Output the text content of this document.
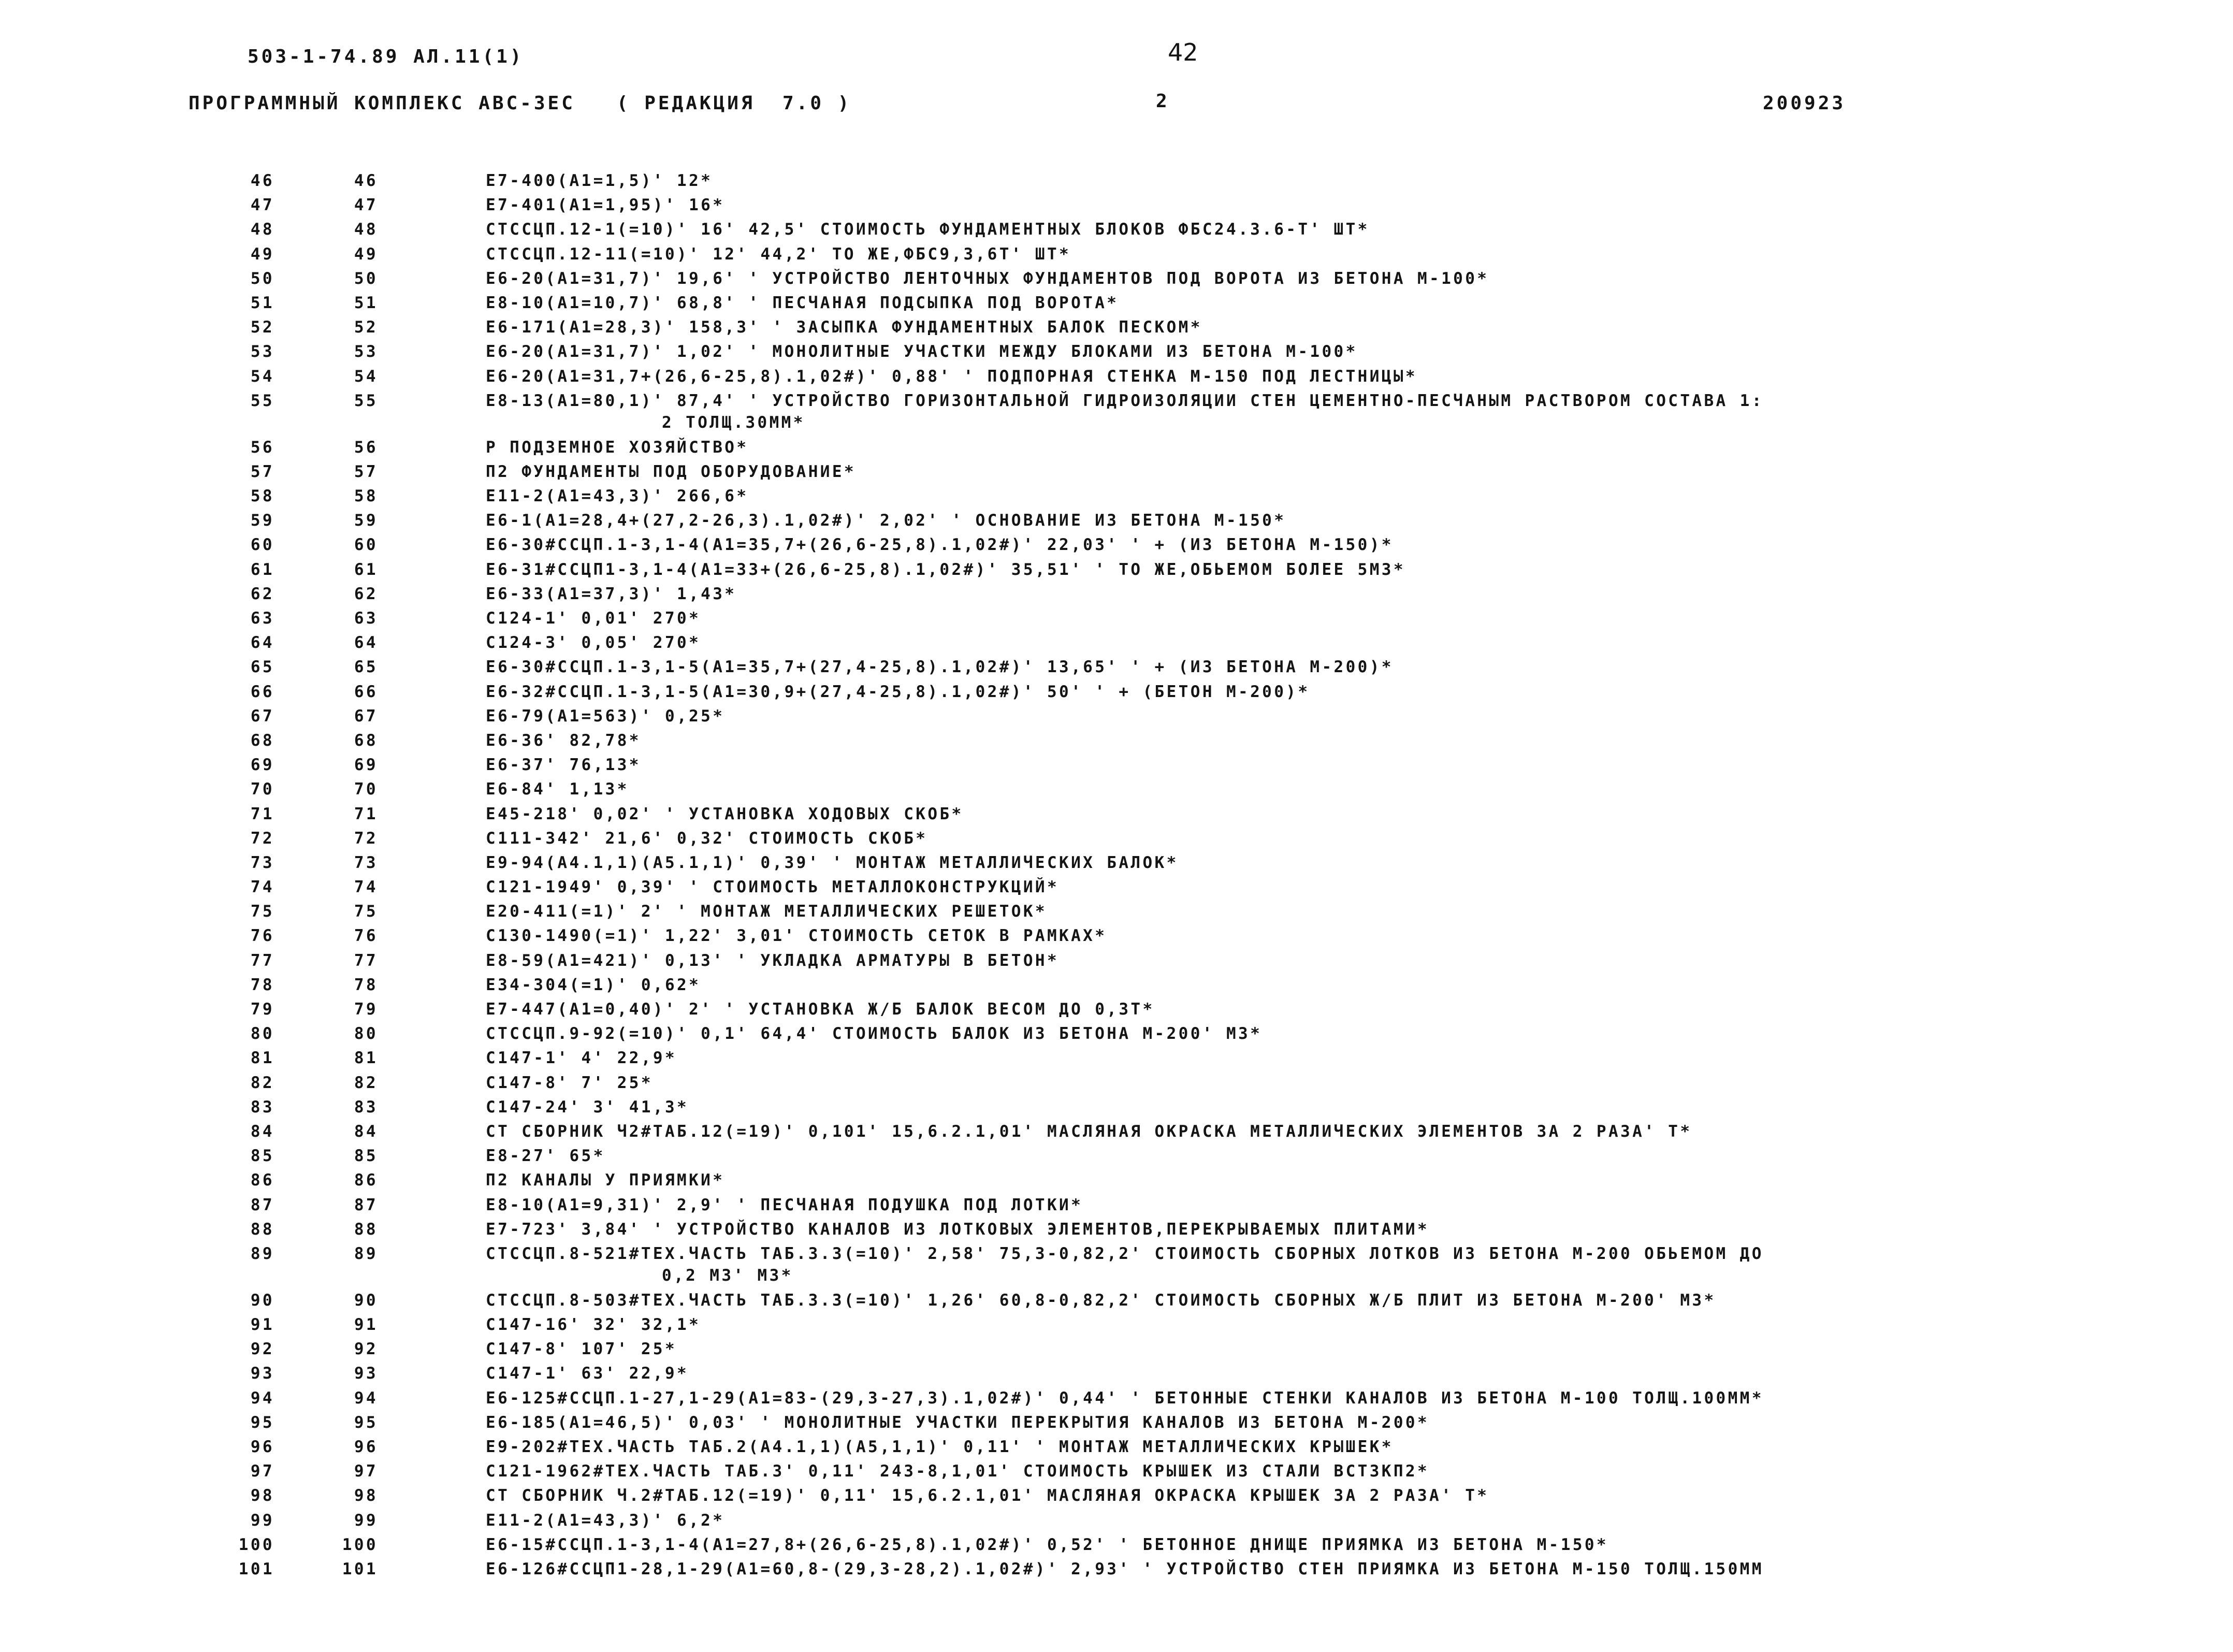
503-1-74.89 АЛ.11(1)	42
ПРОГРАММНЫЙ КОМПЛЕКС АВС-ЗЕС   ( РЕДАКЦИЯ  7.0 )	2	200923
46	46	Е7-400(А1=1,5)' 12*
47	47	Е7-401(А1=1,95)' 16*
48	48	СТССЦП.12-1(=10)' 16' 42,5' СТОИМОСТЬ ФУНДАМЕНТНЫХ БЛОКОВ ФБС24.3.6-Т' ШТ*
49	49	СТССЦП.12-11(=10)' 12' 44,2' ТО ЖЕ,ФБС9,3,6Т' ШТ*
50	50	Е6-20(А1=31,7)' 19,6' ' УСТРОЙСТВО ЛЕНТОЧНЫХ ФУНДАМЕНТОВ ПОД ВОРОТА ИЗ БЕТОНА М-100*
51	51	Е8-10(А1=10,7)' 68,8' ' ПЕСЧАНАЯ ПОДСЫПКА ПОД ВОРОТА*
52	52	Е6-171(А1=28,3)' 158,3' ' ЗАСЫПКА ФУНДАМЕНТНЫХ БАЛОК ПЕСКОМ*
53	53	Е6-20(А1=31,7)' 1,02' ' МОНОЛИТНЫЕ УЧАСТКИ МЕЖДУ БЛОКАМИ ИЗ БЕТОНА М-100*
54	54	Е6-20(А1=31,7+(26,6-25,8).1,02#)' 0,88' ' ПОДПОРНАЯ СТЕНКА М-150 ПОД ЛЕСТНИЦЫ*
55	55	Е8-13(А1=80,1)' 87,4' ' УСТРОЙСТВО ГОРИЗОНТАЛЬНОЙ ГИДРОИЗОЛЯЦИИ СТЕН ЦЕМЕНТНО-ПЕСЧАНЫМ РАСТВОРОМ СОСТАВА 1:
2 ТОЛЩ.30ММ*
56	56	Р ПОДЗЕМНОЕ ХОЗЯЙСТВО*
57	57	П2 ФУНДАМЕНТЫ ПОД ОБОРУДОВАНИЕ*
58	58	Е11-2(А1=43,3)' 266,6*
59	59	Е6-1(А1=28,4+(27,2-26,3).1,02#)' 2,02' ' ОСНОВАНИЕ ИЗ БЕТОНА М-150*
60	60	Е6-30#ССЦП.1-3,1-4(А1=35,7+(26,6-25,8).1,02#)' 22,03' ' + (ИЗ БЕТОНА М-150)*
61	61	Е6-31#ССЦП1-3,1-4(А1=33+(26,6-25,8).1,02#)' 35,51' ' ТО ЖЕ,ОБЬЕМОМ БОЛЕЕ 5М3*
62	62	Е6-33(А1=37,3)' 1,43*
63	63	С124-1' 0,01' 270*
64	64	С124-3' 0,05' 270*
65	65	Е6-30#ССЦП.1-3,1-5(А1=35,7+(27,4-25,8).1,02#)' 13,65' ' + (ИЗ БЕТОНА М-200)*
66	66	Е6-32#ССЦП.1-3,1-5(А1=30,9+(27,4-25,8).1,02#)' 50' ' + (БЕТОН М-200)*
67	67	Е6-79(А1=563)' 0,25*
68	68	Е6-36' 82,78*
69	69	Е6-37' 76,13*
70	70	Е6-84' 1,13*
71	71	Е45-218' 0,02' ' УСТАНОВКА ХОДОВЫХ СКОБ*
72	72	С111-342' 21,6' 0,32' СТОИМОСТЬ СКОБ*
73	73	Е9-94(А4.1,1)(А5.1,1)' 0,39' ' МОНТАЖ МЕТАЛЛИЧЕСКИХ БАЛОК*
74	74	С121-1949' 0,39' ' СТОИМОСТЬ МЕТАЛЛОКОНСТРУКЦИЙ*
75	75	Е20-411(=1)' 2' ' МОНТАЖ МЕТАЛЛИЧЕСКИХ РЕШЕТОК*
76	76	С130-1490(=1)' 1,22' 3,01' СТОИМОСТЬ СЕТОК В РАМКАХ*
77	77	Е8-59(А1=421)' 0,13' ' УКЛАДКА АРМАТУРЫ В БЕТОН*
78	78	Е34-304(=1)' 0,62*
79	79	Е7-447(А1=0,40)' 2' ' УСТАНОВКА Ж/Б БАЛОК ВЕСОМ ДО 0,3Т*
80	80	СТССЦП.9-92(=10)' 0,1' 64,4' СТОИМОСТЬ БАЛОК ИЗ БЕТОНА М-200' М3*
81	81	С147-1' 4' 22,9*
82	82	С147-8' 7' 25*
83	83	С147-24' 3' 41,3*
84	84	СТ СБОРНИК Ч2#ТАБ.12(=19)' 0,101' 15,6.2.1,01' МАСЛЯНАЯ ОКРАСКА МЕТАЛЛИЧЕСКИХ ЭЛЕМЕНТОВ ЗА 2 РАЗА' Т*
85	85	Е8-27' 65*
86	86	П2 КАНАЛЫ У ПРИЯМКИ*
87	87	Е8-10(А1=9,31)' 2,9' ' ПЕСЧАНАЯ ПОДУШКА ПОД ЛОТКИ*
88	88	Е7-723' 3,84' ' УСТРОЙСТВО КАНАЛОВ ИЗ ЛОТКОВЫХ ЭЛЕМЕНТОВ,ПЕРЕКРЫВАЕМЫХ ПЛИТАМИ*
89	89	СТССЦП.8-521#ТЕХ.ЧАСТЬ ТАБ.3.3(=10)' 2,58' 75,3-0,82,2' СТОИМОСТЬ СБОРНЫХ ЛОТКОВ ИЗ БЕТОНА М-200 ОБЬЕМОМ ДО
0,2 М3' М3*
90	90	СТССЦП.8-503#ТЕХ.ЧАСТЬ ТАБ.3.3(=10)' 1,26' 60,8-0,82,2' СТОИМОСТЬ СБОРНЫХ Ж/Б ПЛИТ ИЗ БЕТОНА М-200' М3*
91	91	С147-16' 32' 32,1*
92	92	С147-8' 107' 25*
93	93	С147-1' 63' 22,9*
94	94	Е6-125#ССЦП.1-27,1-29(А1=83-(29,3-27,3).1,02#)' 0,44' ' БЕТОННЫЕ СТЕНКИ КАНАЛОВ ИЗ БЕТОНА М-100 ТОЛЩ.100ММ*
95	95	Е6-185(А1=46,5)' 0,03' ' МОНОЛИТНЫЕ УЧАСТКИ ПЕРЕКРЫТИЯ КАНАЛОВ ИЗ БЕТОНА М-200*
96	96	Е9-202#ТЕХ.ЧАСТЬ ТАБ.2(А4.1,1)(А5,1,1)' 0,11' ' МОНТАЖ МЕТАЛЛИЧЕСКИХ КРЫШЕК*
97	97	С121-1962#ТЕХ.ЧАСТЬ ТАБ.3' 0,11' 243-8,1,01' СТОИМОСТЬ КРЫШЕК ИЗ СТАЛИ ВСТ3КП2*
98	98	СТ СБОРНИК Ч.2#ТАБ.12(=19)' 0,11' 15,6.2.1,01' МАСЛЯНАЯ ОКРАСКА КРЫШЕК ЗА 2 РАЗА' Т*
99	99	Е11-2(А1=43,3)' 6,2*
100	100	Е6-15#ССЦП.1-3,1-4(А1=27,8+(26,6-25,8).1,02#)' 0,52' ' БЕТОННОЕ ДНИЩЕ ПРИЯМКА ИЗ БЕТОНА М-150*
101	101	Е6-126#ССЦП1-28,1-29(А1=60,8-(29,3-28,2).1,02#)' 2,93' ' УСТРОЙСТВО СТЕН ПРИЯМКА ИЗ БЕТОНА М-150 ТОЛЩ.150ММ
